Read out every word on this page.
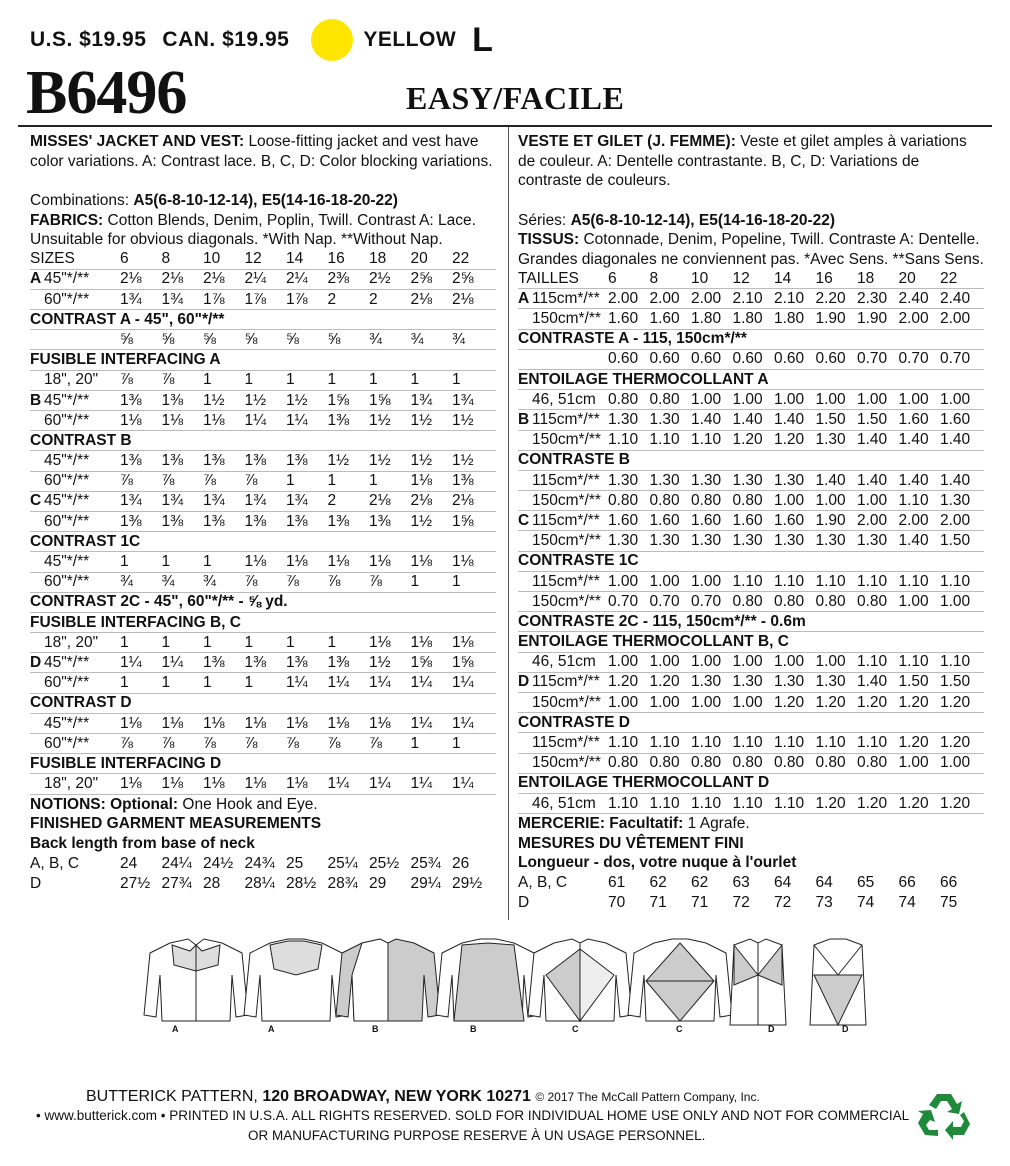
U.S. $19.95 CAN. $19.95	YELLOW L
B6496	EASY/FACILE

MISSES' JACKET AND VEST: Loose-fitting jacket and vest have color variations. A: Contrast lace. B, C, D: Color blocking variations.

Combinations: A5(6-8-10-12-14), E5(14-16-18-20-22)

FABRICS: Cotton Blends, Denim, Poplin, Twill. Contrast A: Lace. Unsuitable for obvious diagonals. *With Nap. **Without Nap.

SIZES	6	8	10	12	14	16	18	20	22
A 45"*/**	2⅛	2⅛	2⅛	2¼	2¼	2⅜	2½	2⅝	2⅝
60"*/**	1¾	1¾	1⅞	1⅞	1⅞	2	2	2⅛	2⅛
CONTRAST A - 45", 60"*/**
⅝	⅝	⅝	⅝	⅝	⅝	¾	¾	¾
FUSIBLE INTERFACING A
18", 20"	⅞	⅞	1	1	1	1	1	1	1
B 45"*/**	1⅜	1⅜	1½	1½	1½	1⅝	1⅝	1¾	1¾
60"*/**	1⅛	1⅛	1⅛	1¼	1¼	1⅜	1½	1½	1½
CONTRAST B
45"*/**	1⅜	1⅜	1⅜	1⅜	1⅜	1½	1½	1½	1½
60"*/**	⅞	⅞	⅞	⅞	1	1	1	1⅛	1⅜
C 45"*/**	1¾	1¾	1¾	1¾	1¾	2	2⅛	2⅛	2⅛
60"*/**	1⅜	1⅜	1⅜	1⅜	1⅜	1⅜	1⅜	1½	1⅝
CONTRAST 1C
45"*/**	1	1	1	1⅛	1⅛	1⅛	1⅛	1⅛	1⅛
60"*/**	¾	¾	¾	⅞	⅞	⅞	⅞	1	1
CONTRAST 2C - 45", 60"*/** - ⅝ yd.
FUSIBLE INTERFACING B, C
18", 20"	1	1	1	1	1	1	1⅛	1⅛	1⅛
D 45"*/**	1¼	1¼	1⅜	1⅜	1⅜	1⅜	1½	1⅝	1⅝
60"*/**	1	1	1	1	1¼	1¼	1¼	1¼	1¼
CONTRAST D
45"*/**	1⅛	1⅛	1⅛	1⅛	1⅛	1⅛	1⅛	1¼	1¼
60"*/**	⅞	⅞	⅞	⅞	⅞	⅞	⅞	1	1
FUSIBLE INTERFACING D
18", 20"	1⅛	1⅛	1⅛	1⅛	1⅛	1¼	1¼	1¼	1¼

NOTIONS: Optional: One Hook and Eye.

FINISHED GARMENT MEASUREMENTS

Back length from base of neck

A, B, C	24	24¼ 24½ 24¾ 25	25¼ 25½ 25¾ 26
D	27½ 27¾ 28	28¼ 28½ 28¾ 29	29¼ 29½

VESTE ET GILET (J. FEMME): Veste et gilet amples à variations de couleur. A: Dentelle contrastante. B, C, D: Variations de contraste de couleurs.

Séries: A5(6-8-10-12-14), E5(14-16-18-20-22)

TISSUS: Cotonnade, Denim, Popeline, Twill. Contraste A: Dentelle. Grandes diagonales ne conviennent pas. *Avec Sens. **Sans Sens.

TAILLES	6	8	10	12	14	16	18	20	22
A 115cm*/** 2.00 2.00 2.00 2.10 2.10 2.20 2.30 2.40 2.40
150cm*/** 1.60 1.60 1.80 1.80 1.80 1.90 1.90 2.00 2.00
CONTRASTE A - 115, 150cm*/**
0.60 0.60 0.60 0.60 0.60 0.60 0.70 0.70 0.70
ENTOILAGE THERMOCOLLANT A
46, 51cm 0.80 0.80 1.00 1.00 1.00 1.00 1.00 1.00 1.00
B 115cm*/** 1.30 1.30 1.40 1.40 1.40 1.50 1.50 1.60 1.60
150cm*/** 1.10 1.10 1.10 1.20 1.20 1.30 1.40 1.40 1.40
CONTRASTE B
115cm*/** 1.30 1.30 1.30 1.30 1.30 1.40 1.40 1.40 1.40
150cm*/** 0.80 0.80 0.80 0.80 1.00 1.00 1.00 1.10 1.30
C 115cm*/** 1.60 1.60 1.60 1.60 1.60 1.90 2.00 2.00 2.00
150cm*/** 1.30 1.30 1.30 1.30 1.30 1.30 1.30 1.40 1.50
CONTRASTE 1C
115cm*/** 1.00 1.00 1.00 1.10 1.10 1.10 1.10 1.10 1.10
150cm*/** 0.70 0.70 0.70 0.80 0.80 0.80 0.80 1.00 1.00
CONTRASTE 2C - 115, 150cm*/** - 0.6m
ENTOILAGE THERMOCOLLANT B, C
46, 51cm 1.00 1.00 1.00 1.00 1.00 1.00 1.10 1.10 1.10
D 115cm*/** 1.20 1.20 1.30 1.30 1.30 1.30 1.40 1.50 1.50
150cm*/** 1.00 1.00 1.00 1.00 1.20 1.20 1.20 1.20 1.20
CONTRASTE D
115cm*/** 1.10 1.10 1.10 1.10 1.10 1.10 1.10 1.20 1.20
150cm*/** 0.80 0.80 0.80 0.80 0.80 0.80 0.80 1.00 1.00
ENTOILAGE THERMOCOLLANT D
46, 51cm 1.10 1.10 1.10 1.10 1.10 1.20 1.20 1.20 1.20

MERCERIE: Facultatif: 1 Agrafe.

MESURES DU VÊTEMENT FINI

Longueur - dos, votre nuque à l'ourlet

A, B, C	61	62	62	63	64	64	65	66	66
D	70	71	71	72	72	73	74	74	75
A	A	B	B	C	C	D	D
BUTTERICK PATTERN, 120 BROADWAY, NEW YORK 10271 © 2017 The McCall Pattern Company, Inc.
• www.butterick.com • PRINTED IN U.S.A. ALL RIGHTS RESERVED. SOLD FOR INDIVIDUAL HOME USE ONLY AND NOT FOR COMMERCIAL
OR MANUFACTURING PURPOSE RESERVE À UN USAGE PERSONNEL.
